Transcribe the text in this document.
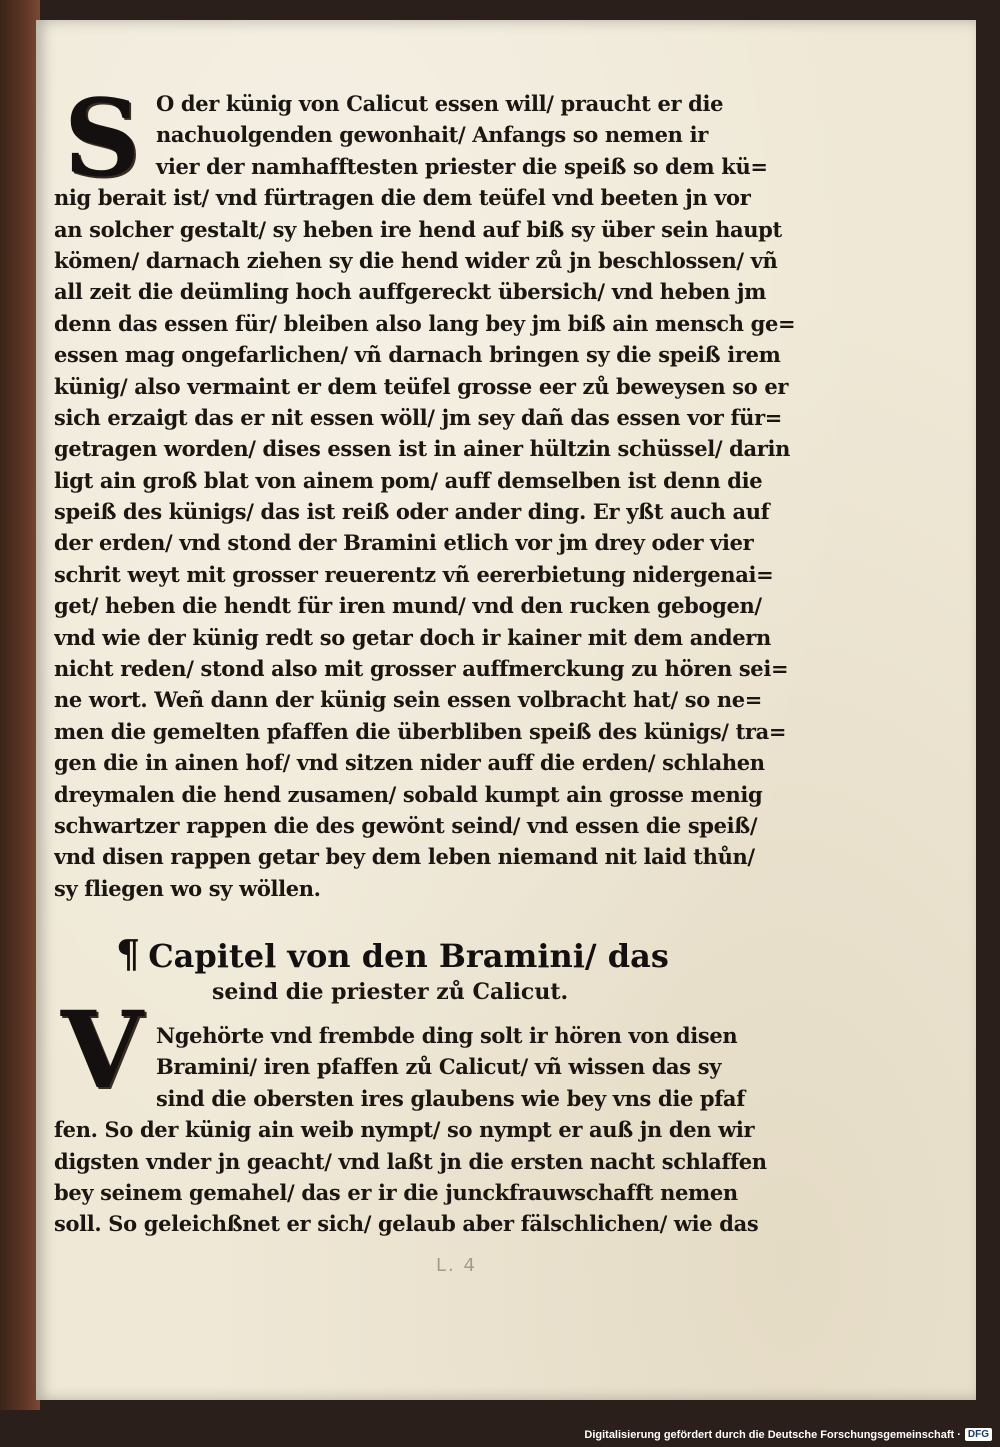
S O der künig von Calicut essen will/ praucht er die
nachuolgenden gewonhait/ Anfangs so nemen ir
vier der namhafftesten priester die speiß so dem kü=
nig berait ist/ vnd fürtragen die dem teüfel vnd beeten jn vor
an solcher gestalt/ sy heben ire hend auf biß sy über sein haupt
kömen/ darnach ziehen sy die hend wider zů jn beschlossen/ vñ
all zeit die deümling hoch auffgereckt übersich/ vnd heben jm
denn das essen für/ bleiben also lang bey jm biß ain mensch ge=
essen mag ongefarlichen/ vñ darnach bringen sy die speiß irem
künig/ also vermaint er dem teüfel grosse eer zů beweysen so er
sich erzaigt das er nit essen wöll/ jm sey dañ das essen vor für=
getragen worden/ dises essen ist in ainer hültzin schüssel/ darin
ligt ain groß blat von ainem pom/ auff demselben ist denn die
speiß des künigs/ das ist reiß oder ander ding. Er yßt auch auf
der erden/ vnd stond der Bramini etlich vor jm drey oder vier
schrit weyt mit grosser reuerentz vñ eererbietung nidergenai=
get/ heben die hendt für iren mund/ vnd den rucken gebogen/
vnd wie der künig redt so getar doch ir kainer mit dem andern
nicht reden/ stond also mit grosser auffmerckung zu hören sei=
ne wort. Weñ dann der künig sein essen volbracht hat/ so ne=
men die gemelten pfaffen die überbliben speiß des künigs/ tra=
gen die in ainen hof/ vnd sitzen nider auff die erden/ schlahen
dreymalen die hend zusamen/ sobald kumpt ain grosse menig
schwartzer rappen die des gewönt seind/ vnd essen die speiß/
vnd disen rappen getar bey dem leben niemand nit laid thůn/
sy fliegen wo sy wöllen.
¶ Capitel von den Bramini/ das
seind die priester zů Calicut.
V Ngehörte vnd frembde ding solt ir hören von disen
Bramini/ iren pfaffen zů Calicut/ vñ wissen das sy
sind die obersten ires glaubens wie bey vns die pfaf
fen. So der künig ain weib nympt/ so nympt er auß jn den wir
digsten vnder jn geacht/ vnd laßt jn die ersten nacht schlaffen
bey seinem gemahel/ das er ir die junckfrauwschafft nemen
soll. So geleichßnet er sich/ gelaub aber fälschlichen/ wie das
L. 4
Digitalisierung gefördert durch die Deutsche Forschungsgemeinschaft · DFG
